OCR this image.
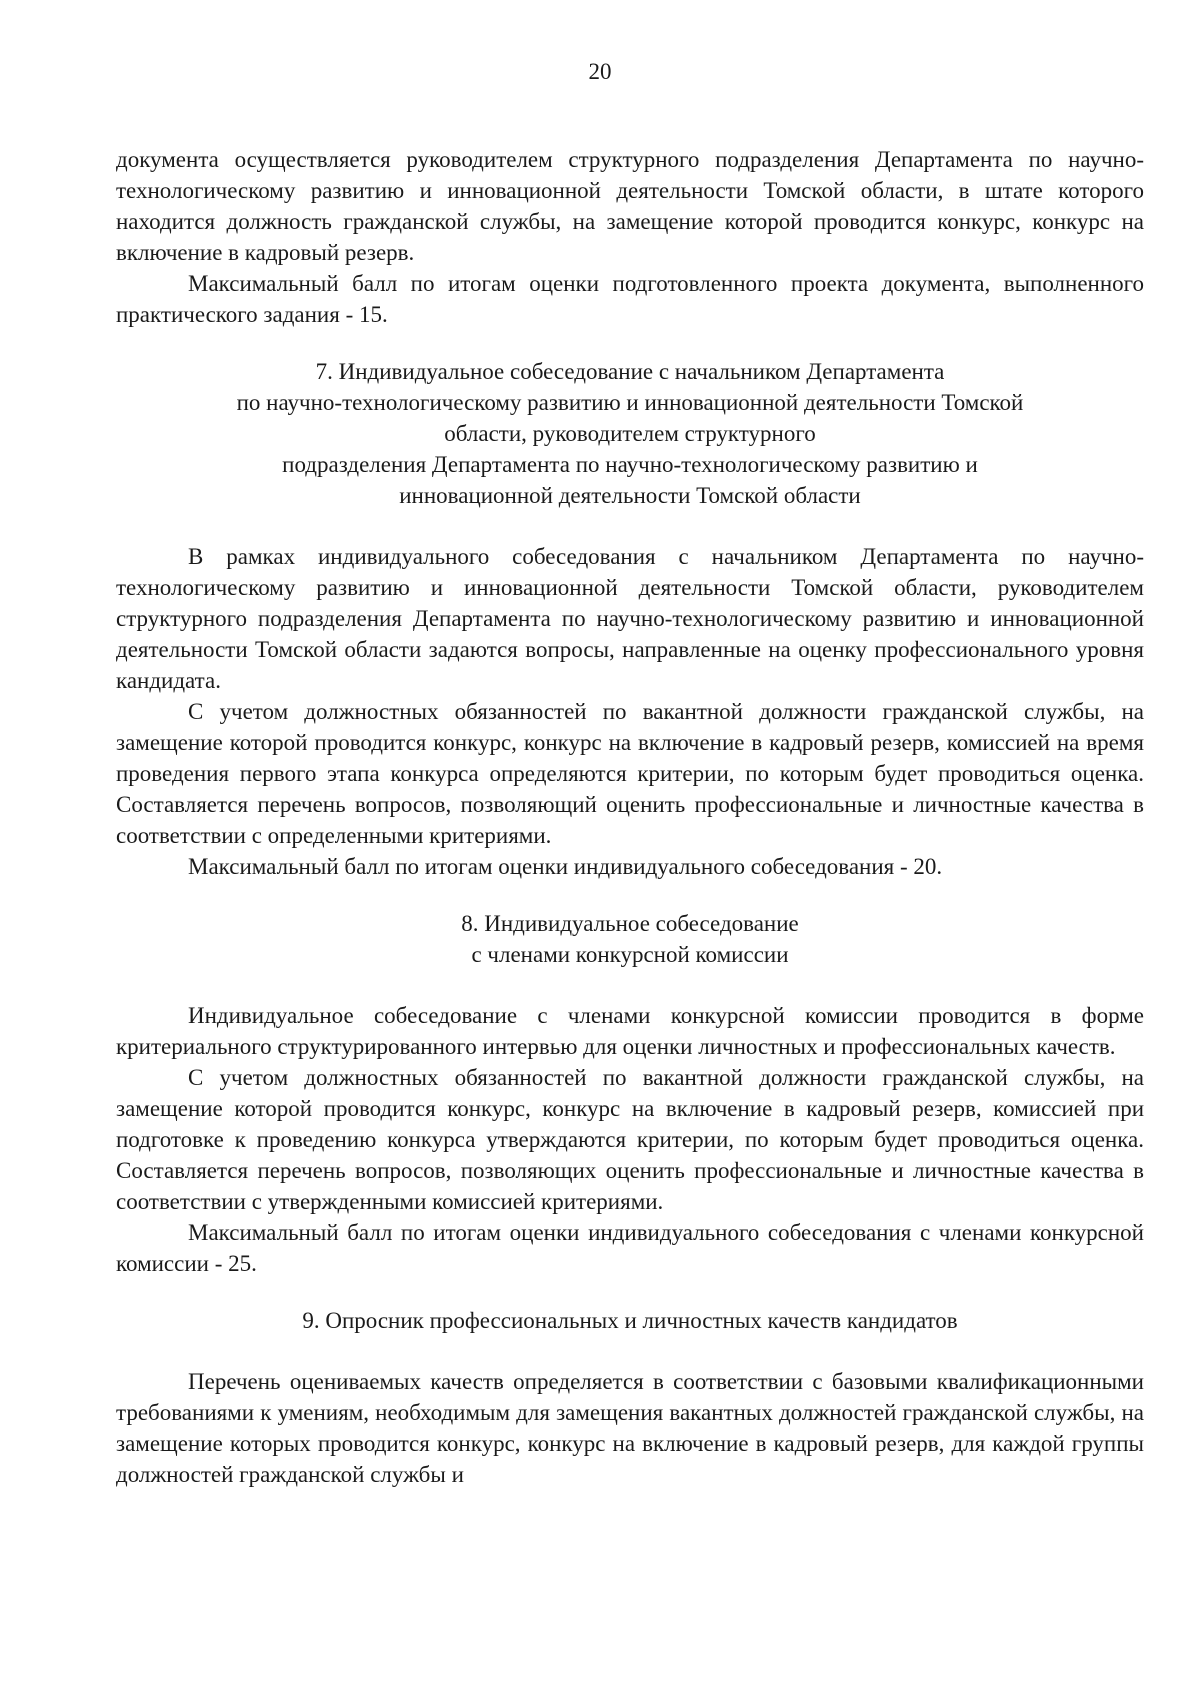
20

документа осуществляется руководителем структурного подразделения Департамента по научно-технологическому развитию и инновационной деятельности Томской области, в штате которого находится должность гражданской службы, на замещение которой проводится конкурс, конкурс на включение в кадровый резерв.

Максимальный балл по итогам оценки подготовленного проекта документа, выполненного практического задания - 15.

7. Индивидуальное собеседование с начальником Департамента
по научно-технологическому развитию и инновационной деятельности Томской
области, руководителем структурного
подразделения Департамента по научно-технологическому развитию и
инновационной деятельности Томской области

В рамках индивидуального собеседования с начальником Департамента по научно-технологическому развитию и инновационной деятельности Томской области, руководителем структурного подразделения Департамента по научно-технологическому развитию и инновационной деятельности Томской области задаются вопросы, направленные на оценку профессионального уровня кандидата.

С учетом должностных обязанностей по вакантной должности гражданской службы, на замещение которой проводится конкурс, конкурс на включение в кадровый резерв, комиссией на время проведения первого этапа конкурса определяются критерии, по которым будет проводиться оценка. Составляется перечень вопросов, позволяющий оценить профессиональные и личностные качества в соответствии с определенными критериями.

Максимальный балл по итогам оценки индивидуального собеседования - 20.

8. Индивидуальное собеседование
с членами конкурсной комиссии

Индивидуальное собеседование с членами конкурсной комиссии проводится в форме критериального структурированного интервью для оценки личностных и профессиональных качеств.

С учетом должностных обязанностей по вакантной должности гражданской службы, на замещение которой проводится конкурс, конкурс на включение в кадровый резерв, комиссией при подготовке к проведению конкурса утверждаются критерии, по которым будет проводиться оценка. Составляется перечень вопросов, позволяющих оценить профессиональные и личностные качества в соответствии с утвержденными комиссией критериями.

Максимальный балл по итогам оценки индивидуального собеседования с членами конкурсной комиссии - 25.

9. Опросник профессиональных и личностных качеств кандидатов

Перечень оцениваемых качеств определяется в соответствии с базовыми квалификационными требованиями к умениям, необходимым для замещения вакантных должностей гражданской службы, на замещение которых проводится конкурс, конкурс на включение в кадровый резерв, для каждой группы должностей гражданской службы и
